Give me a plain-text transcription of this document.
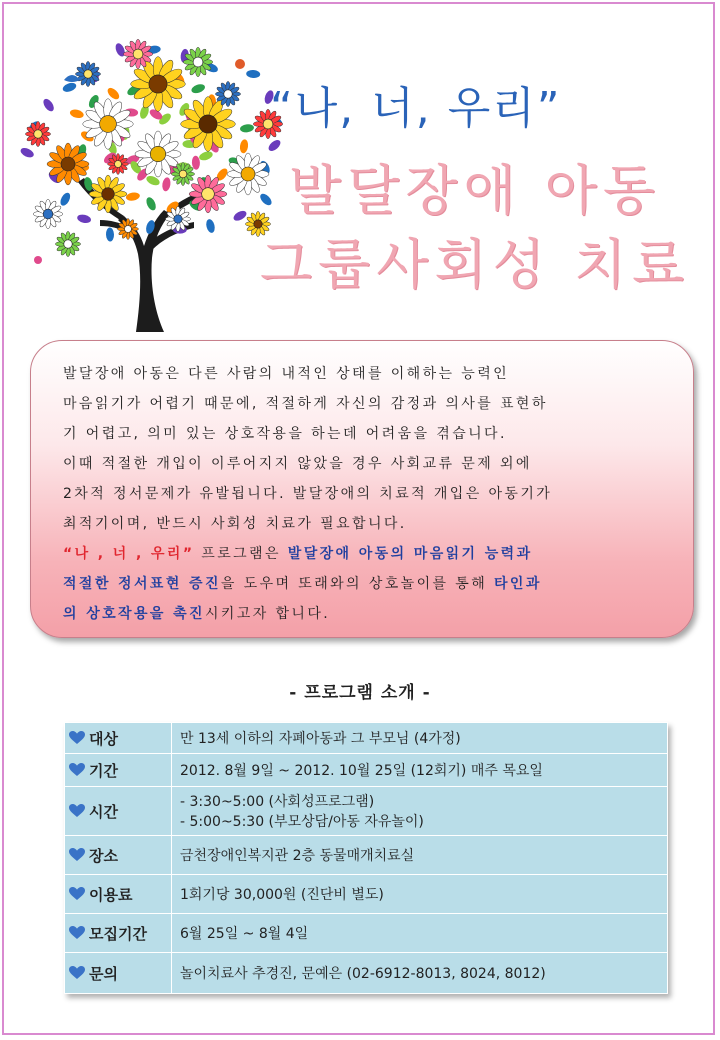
“나, 너, 우리”
발달장애 아동
그룹사회성 치료

발달장애 아동은 다른 사람의 내적인 상태를 이해하는 능력인

마음읽기가 어렵기 때문에, 적절하게 자신의 감정과 의사를 표현하

기 어렵고, 의미 있는 상호작용을 하는데 어려움을 겪습니다.

이때 적절한 개입이 이루어지지 않았을 경우 사회교류 문제 외에

2차적 정서문제가 유발됩니다. 발달장애의 치료적 개입은 아동기가

최적기이며, 반드시 사회성 치료가 필요합니다.

“나 , 너 , 우리” 프로그램은 발달장애 아동의 마음읽기 능력과

적절한 정서표현 증진을 도우며 또래와의 상호놀이를 통해 타인과

의 상호작용을 촉진시키고자 합니다.

- 프로그램 소개 -
대상	만 13세 이하의 자폐아동과 그 부모님 (4가정)
기간	2012. 8월 9일 ~ 2012. 10월 25일 (12회기) 매주 목요일
시간	- 3:30~5:00 (사회성프로그램)
- 5:00~5:30 (부모상담/아동 자유놀이)

장소	금천장애인복지관 2층 동물매개치료실
이용료	1회기당 30,000원 (진단비 별도)
모집기간	6월 25일 ~ 8월 4일
문의	놀이치료사 추경진, 문예은 (02-6912-8013, 8024, 8012)
